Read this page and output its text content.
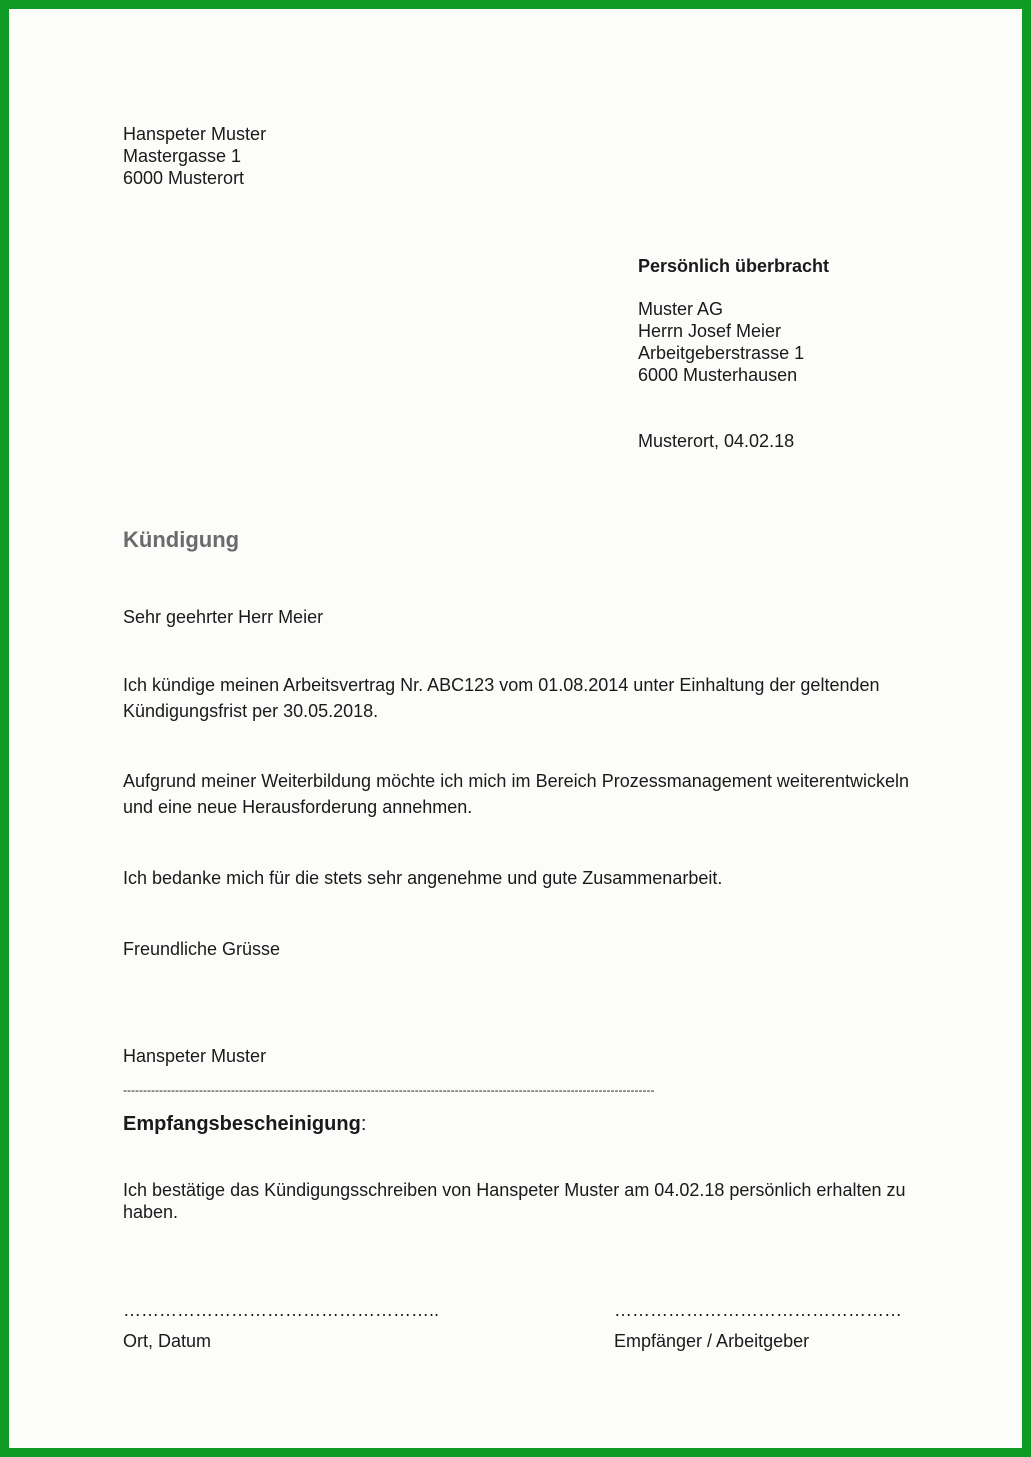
Hanspeter Muster
Mastergasse 1
6000 Musterort
Persönlich überbracht
Muster AG
Herrn Josef Meier
Arbeitgeberstrasse 1
6000 Musterhausen
Musterort, 04.02.18
Kündigung
Sehr geehrter Herr Meier
Ich kündige meinen Arbeitsvertrag Nr. ABC123 vom 01.08.2014 unter Einhaltung der geltenden Kündigungsfrist per 30.05.2018.
Aufgrund meiner Weiterbildung möchte ich mich im Bereich Prozessmanagement weiterentwickeln und eine neue Herausforderung annehmen.
Ich bedanke mich für die stets sehr angenehme und gute Zusammenarbeit.
Freundliche Grüsse
Hanspeter Muster
-------------------------------------------------------------------------------------------------------------------------------------
Empfangsbescheinigung:
Ich bestätige das Kündigungsschreiben von Hanspeter Muster am 04.02.18 persönlich erhalten zu haben.
……………………………………………..
Ort, Datum
…………………………………………
Empfänger / Arbeitgeber
